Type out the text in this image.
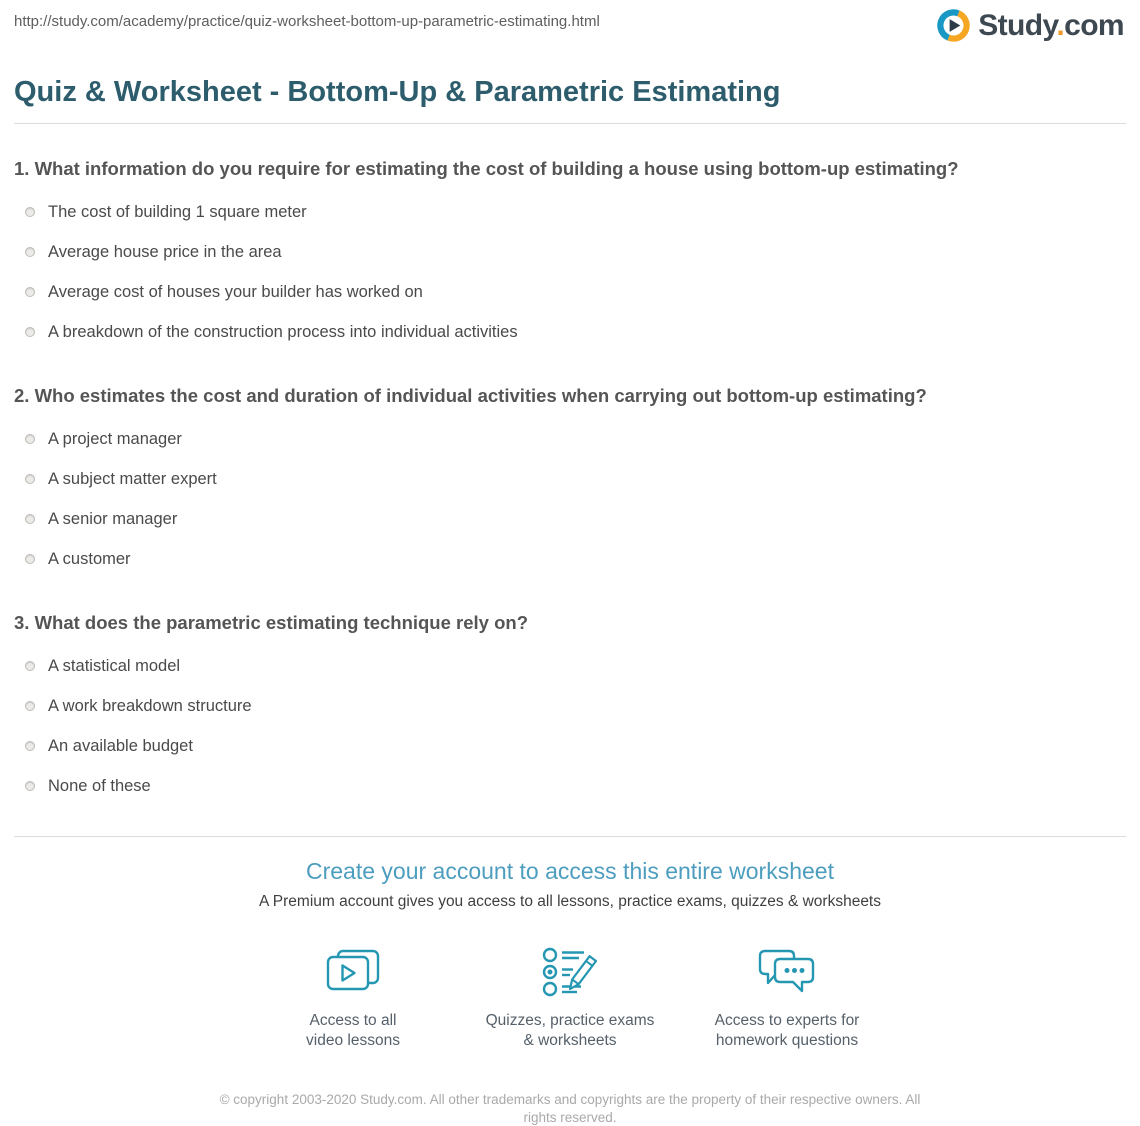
http://study.com/academy/practice/quiz-worksheet-bottom-up-parametric-estimating.html	Study.com
Quiz & Worksheet - Bottom-Up & Parametric Estimating
1. What information do you require for estimating the cost of building a house using bottom-up estimating?
The cost of building 1 square meter
Average house price in the area
Average cost of houses your builder has worked on
A breakdown of the construction process into individual activities
2. Who estimates the cost and duration of individual activities when carrying out bottom-up estimating?
A project manager
A subject matter expert
A senior manager
A customer
3. What does the parametric estimating technique rely on?
A statistical model
A work breakdown structure
An available budget
None of these
Create your account to access this entire worksheet

A Premium account gives you access to all lessons, practice exams, quizzes & worksheets

Access to all
video lessons
Quizzes, practice exams
& worksheets
Access to experts for
homework questions

© copyright 2003-2020 Study.com. All other trademarks and copyrights are the property of their respective owners. All rights reserved.
